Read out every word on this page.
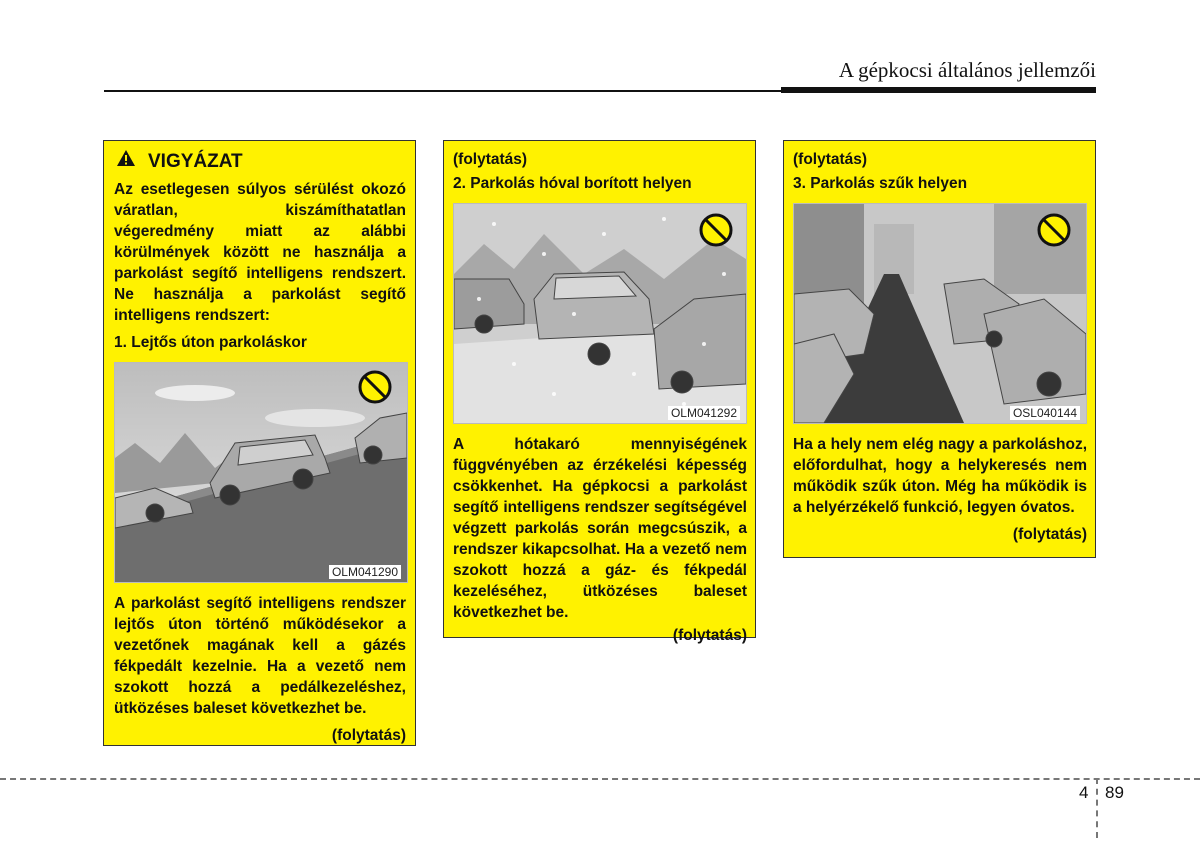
A gépkocsi általános jellemzői
VIGYÁZAT

Az esetlegesen súlyos sérülést okozó váratlan, kiszámíthatatlan végeredmény miatt az alábbi körülmények között ne használja a parkolást segítő intelligens rendszert. Ne használja a parkolást segítő intelligens rendszert:

1. Lejtős úton parkoláskor

OLM041290

A parkolást segítő intelligens rendszer lejtős úton történő működésekor a vezetőnek magának kell a gázés fékpedált kezelnie. Ha a vezető nem szokott hozzá a pedálkezeléshez, ütközéses baleset következhet be.

(folytatás)

(folytatás)

2. Parkolás hóval borított helyen

OLM041292

A hótakaró mennyiségének függvényében az érzékelési képesség csökkenhet. Ha gépkocsi a parkolást segítő intelligens rendszer segítségével végzett parkolás során megcsúszik, a rendszer kikapcsolhat. Ha a vezető nem szokott hozzá a gáz- és fékpedál kezeléséhez, ütközéses baleset következhet be.

(folytatás)

(folytatás)

3. Parkolás szűk helyen

OSL040144

Ha a hely nem elég nagy a parkoláshoz, előfordulhat, hogy a helykeresés nem működik szűk úton. Még ha működik is a helyérzékelő funkció, legyen óvatos.

(folytatás)

4 89
